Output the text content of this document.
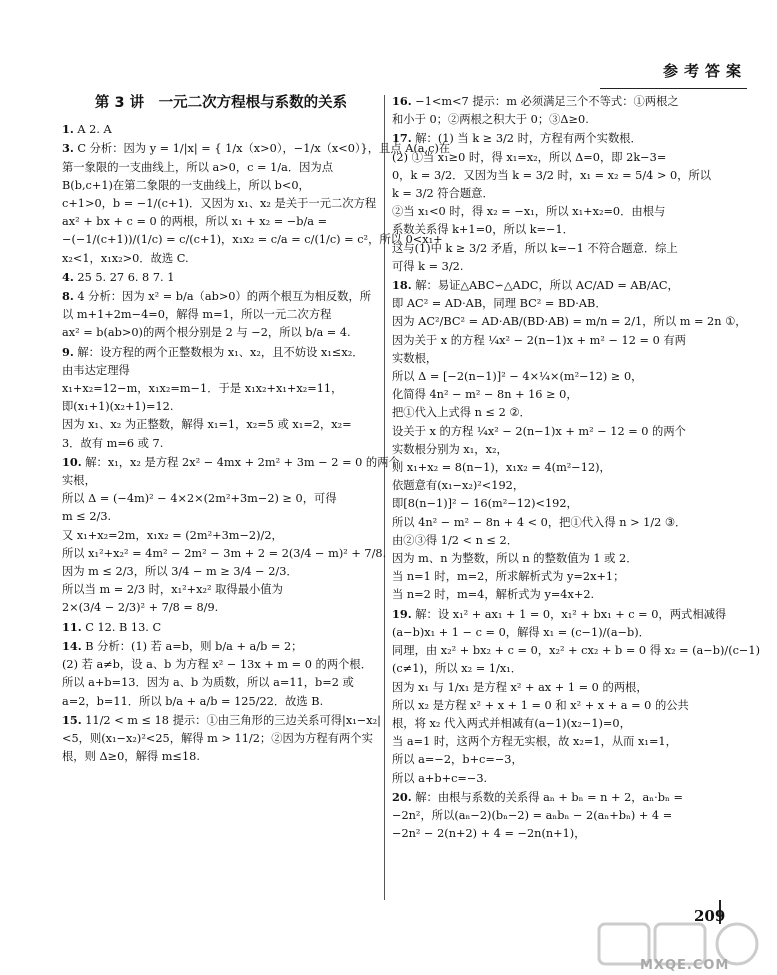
参考答案
第 3 讲　一元二次方程根与系数的关系

1. A 2. A

3. C 分析：因为 y = 1/|x| = { 1/x（x>0），−1/x（x<0）}，且点 A(a,c)在

第一象限的一支曲线上，所以 a>0，c = 1/a．因为点

B(b,c+1)在第二象限的一支曲线上，所以 b<0，

c+1>0，b = −1/(c+1)．又因为 x₁、x₂ 是关于一元二次方程

ax² + bx + c = 0 的两根，所以 x₁ + x₂ = −b/a =

−(−1/(c+1))/(1/c) = c/(c+1)，x₁x₂ = c/a = c/(1/c) = c²，所以 0<x₁+

x₂<1，x₁x₂>0．故选 C.

4. 25 5. 27 6. 8 7. 1

8. 4 分析：因为 x² = b/a（ab>0）的两个根互为相反数，所

以 m+1+2m−4=0，解得 m=1，所以一元二次方程

ax² = b(ab>0)的两个根分别是 2 与 −2，所以 b/a = 4.

9. 解：设方程的两个正整数根为 x₁、x₂，且不妨设 x₁≤x₂．

由韦达定理得

x₁+x₂=12−m，x₁x₂=m−1．于是 x₁x₂+x₁+x₂=11，

即(x₁+1)(x₂+1)=12.

因为 x₁、x₂ 为正整数，解得 x₁=1，x₂=5 或 x₁=2，x₂=

3．故有 m=6 或 7.

10. 解：x₁，x₂ 是方程 2x² − 4mx + 2m² + 3m − 2 = 0 的两个

实根，

所以 Δ = (−4m)² − 4×2×(2m²+3m−2) ≥ 0，可得

m ≤ 2/3.

又 x₁+x₂=2m，x₁x₂ = (2m²+3m−2)/2，

所以 x₁²+x₂² = 4m² − 2m² − 3m + 2 = 2(3/4 − m)² + 7/8.

因为 m ≤ 2/3，所以 3/4 − m ≥ 3/4 − 2/3．

所以当 m = 2/3 时，x₁²+x₂² 取得最小值为

2×(3/4 − 2/3)² + 7/8 = 8/9.

11. C 12. B 13. C

14. B 分析：(1) 若 a=b，则 b/a + a/b = 2；

(2) 若 a≠b，设 a、b 为方程 x² − 13x + m = 0 的两个根．

所以 a+b=13．因为 a、b 为质数，所以 a=11，b=2 或

a=2，b=11．所以 b/a + a/b = 125/22．故选 B.

15. 11/2 < m ≤ 18 提示：①由三角形的三边关系可得|x₁−x₂|

<5，则(x₁−x₂)²<25，解得 m > 11/2；②因为方程有两个实

根，则 Δ≥0，解得 m≤18.

16. −1<m<7 提示：m 必须满足三个不等式：①两根之

和小于 0；②两根之积大于 0；③Δ≥0.

17. 解：(1) 当 k ≥ 3/2 时，方程有两个实数根．

(2) ①当 x₁≥0 时，得 x₁=x₂，所以 Δ=0，即 2k−3=

0，k = 3/2．又因为当 k = 3/2 时，x₁ = x₂ = 5/4 > 0，所以

k = 3/2 符合题意．

②当 x₁<0 时，得 x₂ = −x₁，所以 x₁+x₂=0．由根与

系数关系得 k+1=0，所以 k=−1．

这与(1)中 k ≥ 3/2 矛盾，所以 k=−1 不符合题意．综上

可得 k = 3/2.

18. 解：易证△ABC∽△ADC，所以 AC/AD = AB/AC，

即 AC² = AD·AB，同理 BC² = BD·AB．

因为 AC²/BC² = AD·AB/(BD·AB) = m/n = 2/1，所以 m = 2n ①，

因为关于 x 的方程 ¼x² − 2(n−1)x + m² − 12 = 0 有两

实数根，

所以 Δ = [−2(n−1)]² − 4×¼×(m²−12) ≥ 0，

化简得 4n² − m² − 8n + 16 ≥ 0，

把①代入上式得 n ≤ 2 ②．

设关于 x 的方程 ¼x² − 2(n−1)x + m² − 12 = 0 的两个

实数根分别为 x₁，x₂，

则 x₁+x₂ = 8(n−1)，x₁x₂ = 4(m²−12)，

依题意有(x₁−x₂)²<192，

即[8(n−1)]² − 16(m²−12)<192，

所以 4n² − m² − 8n + 4 < 0，把①代入得 n > 1/2 ③．

由②③得 1/2 < n ≤ 2．

因为 m、n 为整数，所以 n 的整数值为 1 或 2．

当 n=1 时，m=2，所求解析式为 y=2x+1；

当 n=2 时，m=4，解析式为 y=4x+2.

19. 解：设 x₁² + ax₁ + 1 = 0，x₁² + bx₁ + c = 0，两式相减得

(a−b)x₁ + 1 − c = 0，解得 x₁ = (c−1)/(a−b)．

同理，由 x₂² + bx₂ + c = 0，x₂² + cx₂ + b = 0 得 x₂ = (a−b)/(c−1)

(c≠1)，所以 x₂ = 1/x₁．

因为 x₁ 与 1/x₁ 是方程 x² + ax + 1 = 0 的两根，

所以 x₂ 是方程 x² + x + 1 = 0 和 x² + x + a = 0 的公共

根，将 x₂ 代入两式并相减有(a−1)(x₂−1)=0，

当 a=1 时，这两个方程无实根，故 x₂=1，从而 x₁=1，

所以 a=−2，b+c=−3，

所以 a+b+c=−3.

20. 解：由根与系数的关系得 aₙ + bₙ = n + 2，aₙ·bₙ =

−2n²，所以(aₙ−2)(bₙ−2) = aₙbₙ − 2(aₙ+bₙ) + 4 =

−2n² − 2(n+2) + 4 = −2n(n+1)，

209
MXQE.COM
